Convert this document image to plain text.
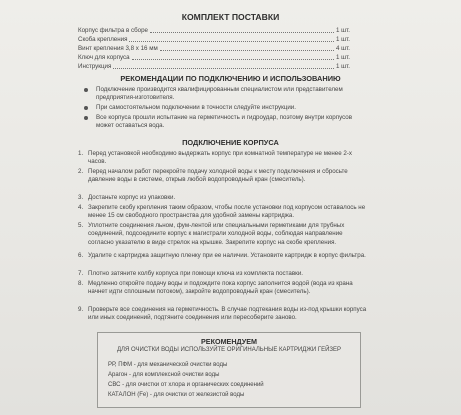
КОМПЛЕКТ ПОСТАВКИ
Корпус фильтра в сборе	1 шт.
Скоба крепления	1 шт.
Винт крепления 3,8 х 16 мм	4 шт.
Ключ для корпуса	1 шт.
Инструкция	1 шт.
РЕКОМЕНДАЦИИ ПО ПОДКЛЮЧЕНИЮ И ИСПОЛЬЗОВАНИЮ
Подключение производится квалифицированным специалистом или представителем предприятия-изготовителя.
При самостоятельном подключении в точности следуйте инструкции.
Все корпуса прошли испытание на герметичность и гидроудар, поэтому внутри корпусов может оставаться вода.
ПОДКЛЮЧЕНИЕ КОРПУСА
1. Перед установкой необходимо выдержать корпус при комнатной температуре не менее 2-х часов.
2. Перед началом работ перекройте подачу холодной воды к месту подключения и сбросьте давление воды в системе, открыв любой водопроводный кран (смеситель).
3. Достаньте корпус из упаковки.
4. Закрепите скобу крепления таким образом, чтобы после установки под корпусом оставалось не менее 15 см свободного пространства для удобной замены картриджа.
5. Уплотните соединения льном, фум-лентой или специальными герметиками для трубных соединений, подсоедините корпус к магистрали холодной воды, соблюдая направление согласно указателю в виде стрелок на крышке. Закрепите корпус на скобе крепления.
6. Удалите с картриджа защитную пленку при ее наличии. Установите картридж в корпус фильтра.
7. Плотно затяните колбу корпуса при помощи ключа из комплекта поставки.
8. Медленно откройте подачу воды и подождите пока корпус заполнится водой (вода из крана начнет идти сплошным потоком), закройте водопроводный кран (смеситель).
9. Проверьте все соединения на герметичность. В случае подтекания воды из-под крышки корпуса или иных соединений, подтяните соединения или пересоберите заново.
РЕКОМЕНДУЕМ
ДЛЯ ОЧИСТКИ ВОДЫ ИСПОЛЬЗУЙТЕ ОРИГИНАЛЬНЫЕ КАРТРИДЖИ ГЕЙЗЕР
РР, ПФМ - для механической очистки воды
Арагон - для комплексной очистки воды
СВС - для очистки от хлора и органических соединений
КАТАЛОН (Fe) - для очистки от железистой воды
